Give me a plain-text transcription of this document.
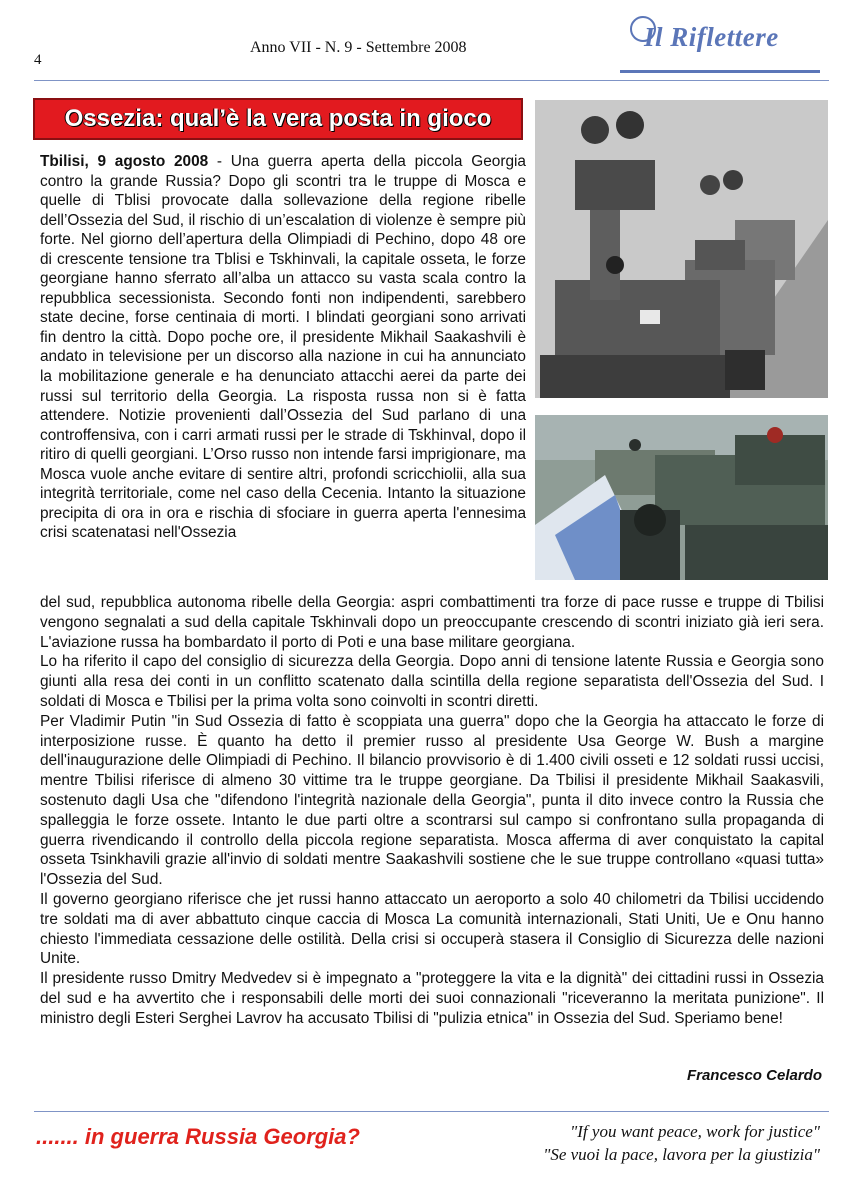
4
Anno VII - N. 9 - Settembre 2008	Il Riflettere
Ossezia: qual’è la vera posta in gioco

Tbilisi, 9 agosto 2008 - Una guerra aperta della piccola Georgia contro la grande Russia? Dopo gli scontri tra le truppe di Mosca e quelle di Tblisi provocate dalla sollevazione della regione ribelle dell’Ossezia del Sud, il rischio di un’escalation di violenze è sempre più forte. Nel giorno dell’apertura della Olimpiadi di Pechino, dopo 48 ore di crescente tensione tra Tblisi e Tskhinvali, la capitale osseta, le forze georgiane hanno sferrato all’alba un attacco su vasta scala contro la repubblica secessionista. Secondo fonti non indipendenti, sarebbero state decine, forse centinaia di morti. I blindati georgiani sono arrivati fin dentro la città. Dopo poche ore, il presidente Mikhail Saakashvili è andato in televisione per un discorso alla nazione in cui ha annunciato la mobilitazione generale e ha denunciato attacchi aerei da parte dei russi sul territorio della Georgia. La risposta russa non si è fatta attendere. Notizie provenienti dall’Ossezia del Sud parlano di una controffensiva, con i carri armati russi per le strade di Tskhinval, dopo il ritiro di quelli georgiani. L’Orso russo non intende farsi imprigionare, ma Mosca vuole anche evitare di sentire altri, profondi scricchiolii, alla sua integrità territoriale, come nel caso della Cecenia. Intanto la situazione precipita di ora in ora e rischia di sfociare in guerra aperta l'ennesima crisi scatenatasi nell'Ossezia

del sud, repubblica autonoma ribelle della Georgia: aspri combattimenti tra forze di pace russe e truppe di Tbilisi vengono segnalati a sud della capitale Tskhinvali dopo un preoccupante crescendo di scontri iniziato già ieri sera. L'aviazione russa ha bombardato il porto di Poti e una base militare georgiana.

Lo ha riferito il capo del consiglio di sicurezza della Georgia. Dopo anni di tensione latente Russia e Georgia sono giunti alla resa dei conti in un conflitto scatenato dalla scintilla della regione separatista dell'Ossezia del Sud. I soldati di Mosca e Tbilisi per la prima volta sono coinvolti in scontri diretti.

Per Vladimir Putin "in Sud Ossezia di fatto è scoppiata una guerra" dopo che la Georgia ha attaccato le forze di interposizione russe. È quanto ha detto il premier russo al presidente Usa George W. Bush a margine dell'inaugurazione delle Olimpiadi di Pechino. Il bilancio provvisorio è di 1.400 civili osseti e 12 soldati russi uccisi, mentre Tbilisi riferisce di almeno 30 vittime tra le truppe georgiane. Da Tbilisi il presidente Mikhail Saakasvili, sostenuto dagli Usa che "difendono l'integrità nazionale della Georgia", punta il dito invece contro la Russia che spalleggia le forze ossete. Intanto le due parti oltre a scontrarsi sul campo si confrontano sulla propaganda di guerra rivendicando il controllo della piccola regione separatista. Mosca afferma di aver conquistato la capital osseta Tsinkhavili grazie all'invio di soldati mentre Saakashvili sostiene che le sue truppe controllano «quasi tutta» l'Ossezia del Sud.

Il governo georgiano riferisce che jet russi hanno attaccato un aeroporto a solo 40 chilometri da Tbilisi uccidendo tre soldati ma di aver abbattuto cinque caccia di Mosca La comunità internazionali, Stati Uniti, Ue e Onu hanno chiesto l'immediata cessazione delle ostilità. Della crisi si occuperà stasera il Consiglio di Sicurezza delle nazioni Unite.

Il presidente russo Dmitry Medvedev si è impegnato a "proteggere la vita e la dignità" dei cittadini russi in Ossezia del sud e ha avvertito che i responsabili delle morti dei suoi connazionali "riceveranno la meritata punizione". Il ministro degli Esteri Serghei Lavrov ha accusato Tbilisi di "pulizia etnica" in Ossezia del Sud. Speriamo bene!

Francesco Celardo
....... in guerra Russia Georgia?	"If you want peace, work for justice"
"Se vuoi la pace, lavora per la giustizia"
